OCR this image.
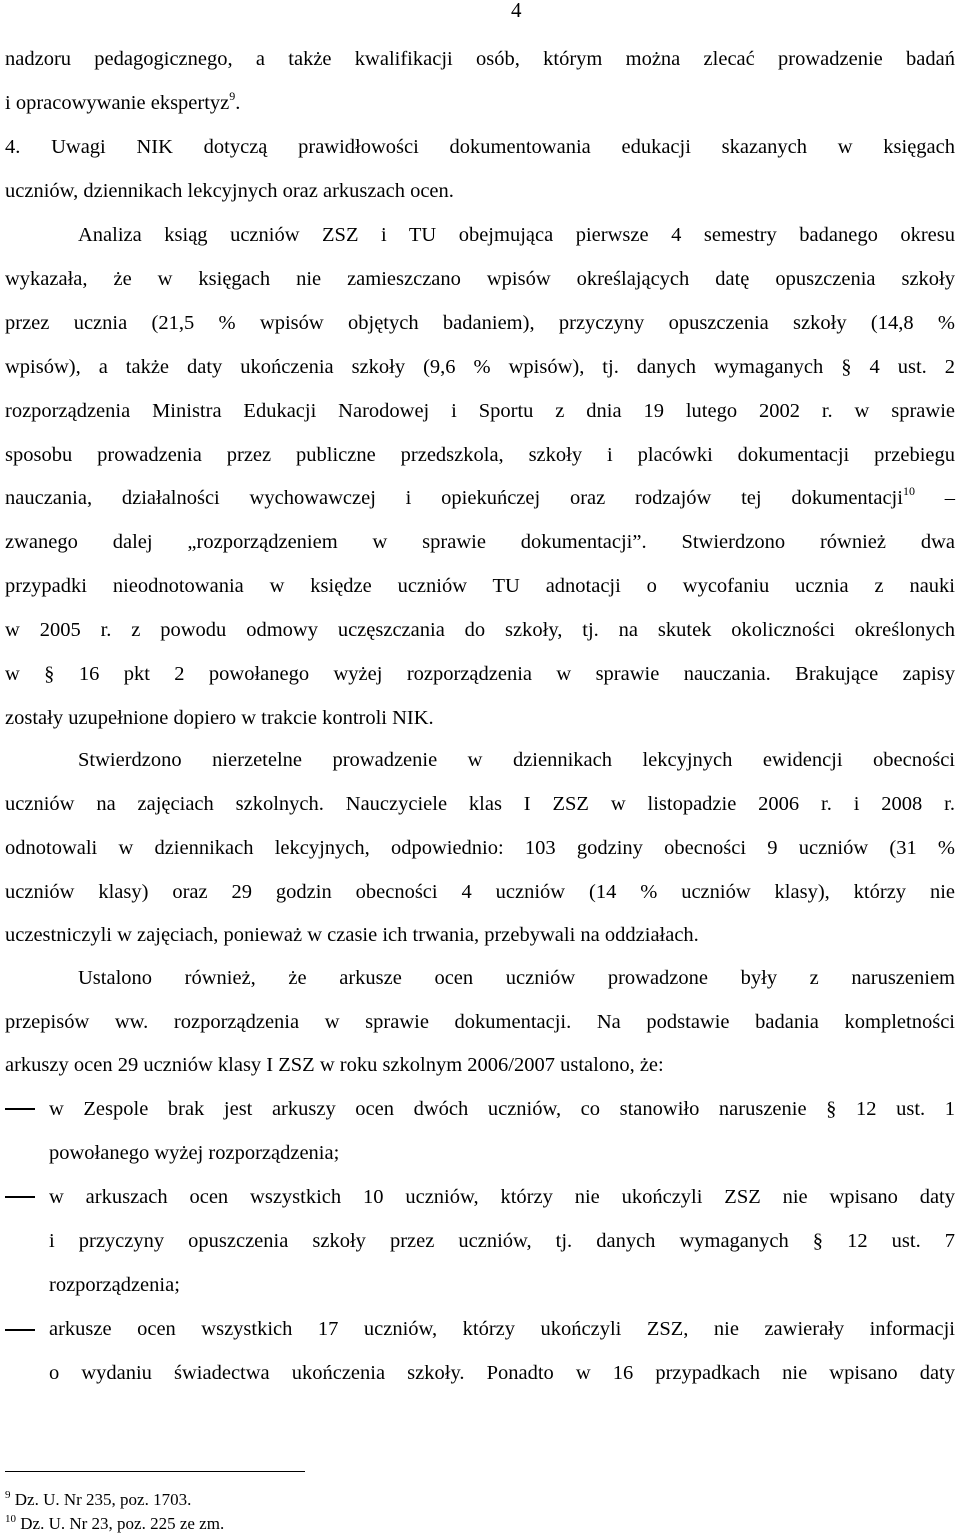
4
nadzoru pedagogicznego, a także kwalifikacji osób, którym można zlecać prowadzenie badań
i opracowywanie ekspertyz$^9$.
4. Uwagi NIK dotyczą prawidłowości dokumentowania edukacji skazanych w księgach
uczniów, dziennikach lekcyjnych oraz arkuszach ocen.
Analiza ksiąg uczniów ZSZ i TU obejmująca pierwsze 4 semestry badanego okresu
wykazała, że w księgach nie zamieszczano wpisów określających datę opuszczenia szkoły
przez ucznia (21,5 % wpisów objętych badaniem), przyczyny opuszczenia szkoły (14,8 %
wpisów), a także daty ukończenia szkoły (9,6 % wpisów), tj. danych wymaganych § 4 ust. 2
rozporządzenia Ministra Edukacji Narodowej i Sportu z dnia 19 lutego 2002 r. w sprawie
sposobu prowadzenia przez publiczne przedszkola, szkoły i placówki dokumentacji przebiegu
nauczania, działalności wychowawczej i opiekuńczej oraz rodzajów tej dokumentacji$^{10}$ –
zwanego dalej „rozporządzeniem w sprawie dokumentacji”. Stwierdzono również dwa
przypadki nieodnotowania w księdze uczniów TU adnotacji o wycofaniu ucznia z nauki
w 2005 r. z powodu odmowy uczęszczania do szkoły, tj. na skutek okoliczności określonych
w § 16 pkt 2 powołanego wyżej rozporządzenia w sprawie nauczania. Brakujące zapisy
zostały uzupełnione dopiero w trakcie kontroli NIK.
Stwierdzono nierzetelne prowadzenie w dziennikach lekcyjnych ewidencji obecności
uczniów na zajęciach szkolnych. Nauczyciele klas I ZSZ w listopadzie 2006 r. i 2008 r.
odnotowali w dziennikach lekcyjnych, odpowiednio: 103 godziny obecności 9 uczniów (31 %
uczniów klasy) oraz 29 godzin obecności 4 uczniów (14 % uczniów klasy), którzy nie
uczestniczyli w zajęciach, ponieważ w czasie ich trwania, przebywali na oddziałach.
Ustalono również, że arkusze ocen uczniów prowadzone były z naruszeniem
przepisów ww. rozporządzenia w sprawie dokumentacji. Na podstawie badania kompletności
arkuszy ocen 29 uczniów klasy I ZSZ w roku szkolnym 2006/2007 ustalono, że:
w Zespole brak jest arkuszy ocen dwóch uczniów, co stanowiło naruszenie § 12 ust. 1
powołanego wyżej rozporządzenia;
w arkuszach ocen wszystkich 10 uczniów, którzy nie ukończyli ZSZ nie wpisano daty
i przyczyny opuszczenia szkoły przez uczniów, tj. danych wymaganych § 12 ust. 7
rozporządzenia;
arkusze ocen wszystkich 17 uczniów, którzy ukończyli ZSZ, nie zawierały informacji
o wydaniu świadectwa ukończenia szkoły. Ponadto w 16 przypadkach nie wpisano daty
$^9$ Dz. U. Nr 235, poz. 1703.
$^{10}$ Dz. U. Nr 23, poz. 225 ze zm.
